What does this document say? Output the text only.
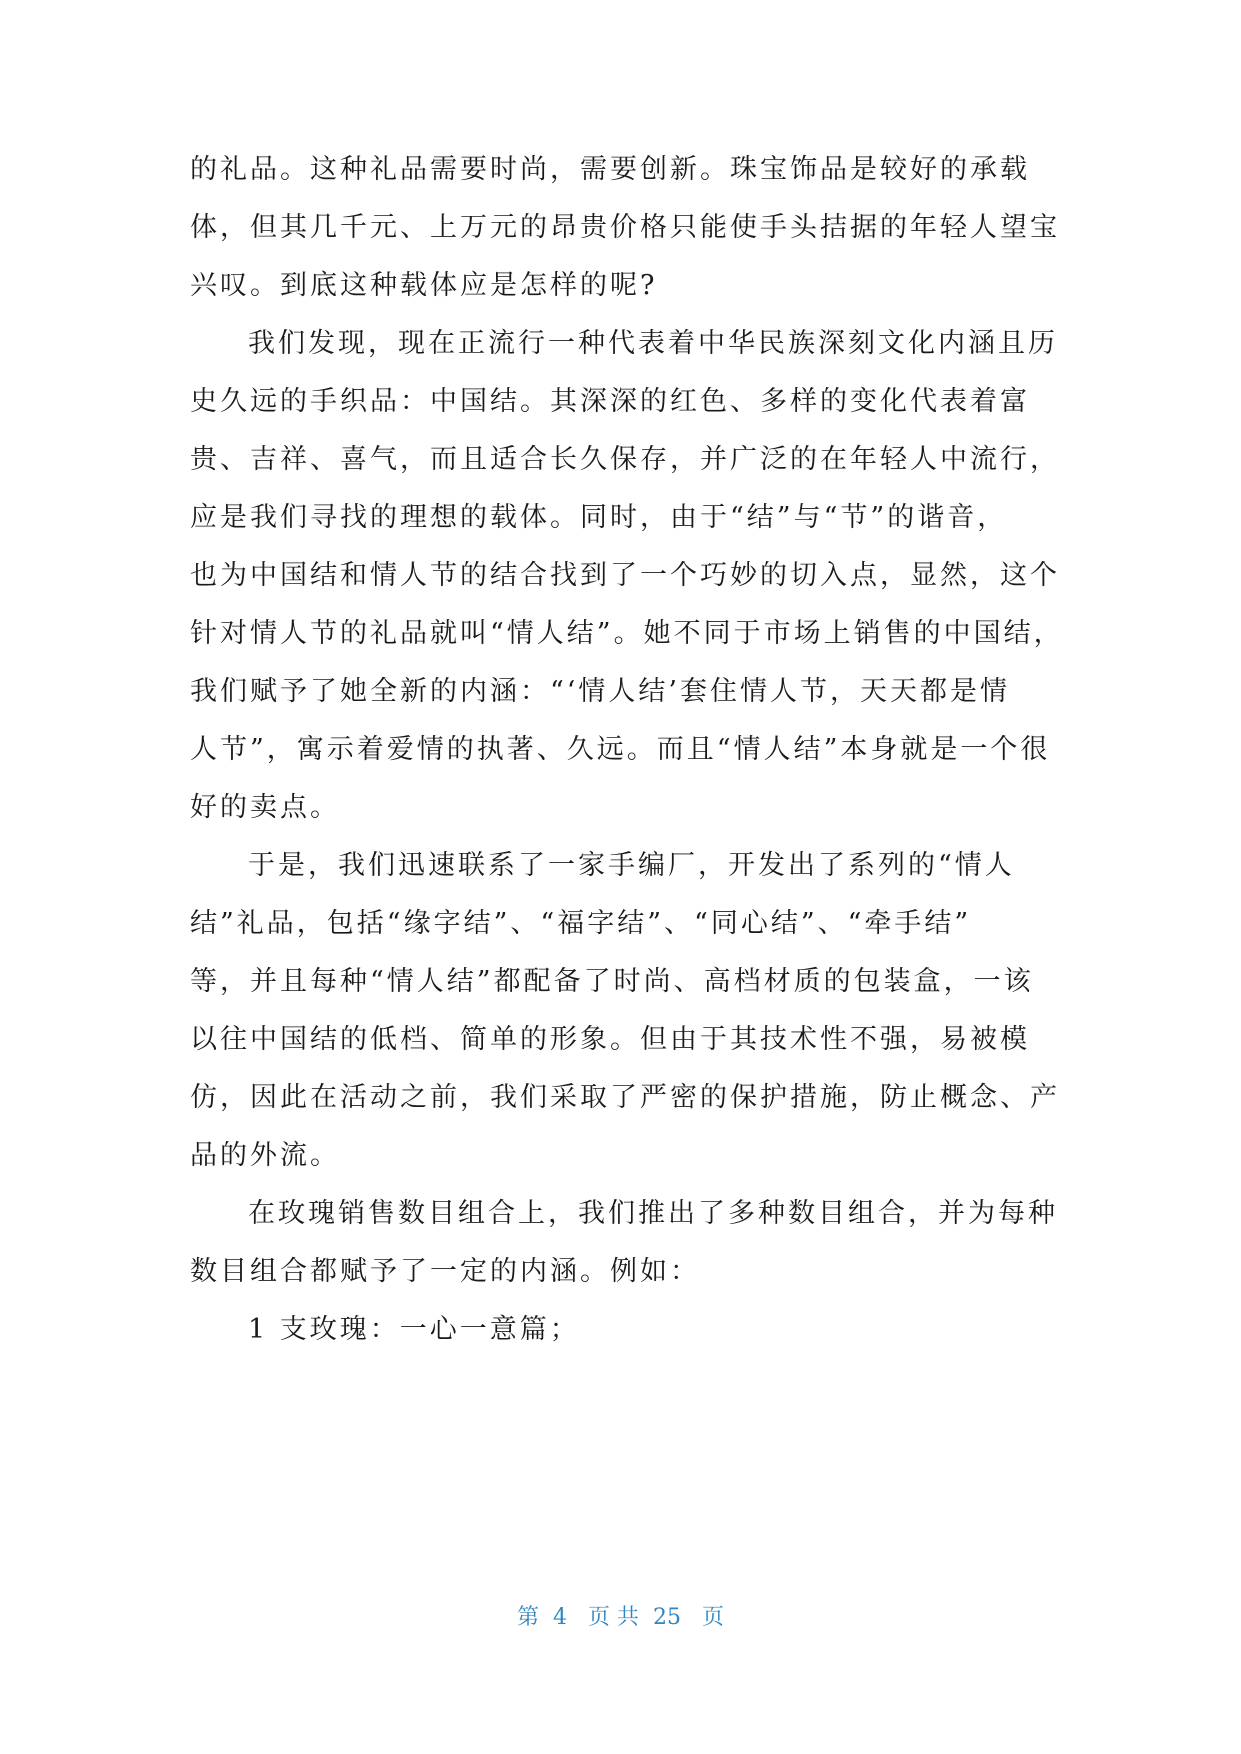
的礼品。这种礼品需要时尚，需要创新。珠宝饰品是较好的承载
体，但其几千元、上万元的昂贵价格只能使手头拮据的年轻人望宝
兴叹。到底这种载体应是怎样的呢?
我们发现，现在正流行一种代表着中华民族深刻文化内涵且历
史久远的手织品：中国结。其深深的红色、多样的变化代表着富
贵、吉祥、喜气，而且适合长久保存，并广泛的在年轻人中流行，
应是我们寻找的理想的载体。同时，由于“结”与“节”的谐音，
也为中国结和情人节的结合找到了一个巧妙的切入点，显然，这个
针对情人节的礼品就叫“情人结”。她不同于市场上销售的中国结，
我们赋予了她全新的内涵：“‘情人结’套住情人节，天天都是情
人节”，寓示着爱情的执著、久远。而且“情人结”本身就是一个很
好的卖点。
于是，我们迅速联系了一家手编厂，开发出了系列的“情人
结”礼品，包括“缘字结”、“福字结”、“同心结”、“牵手结”
等，并且每种“情人结”都配备了时尚、高档材质的包装盒，一该
以往中国结的低档、简单的形象。但由于其技术性不强，易被模
仿，因此在活动之前，我们采取了严密的保护措施，防止概念、产
品的外流。
在玫瑰销售数目组合上，我们推出了多种数目组合，并为每种
数目组合都赋予了一定的内涵。例如：
1 支玫瑰：一心一意篇；
第  4   页 共  25   页
